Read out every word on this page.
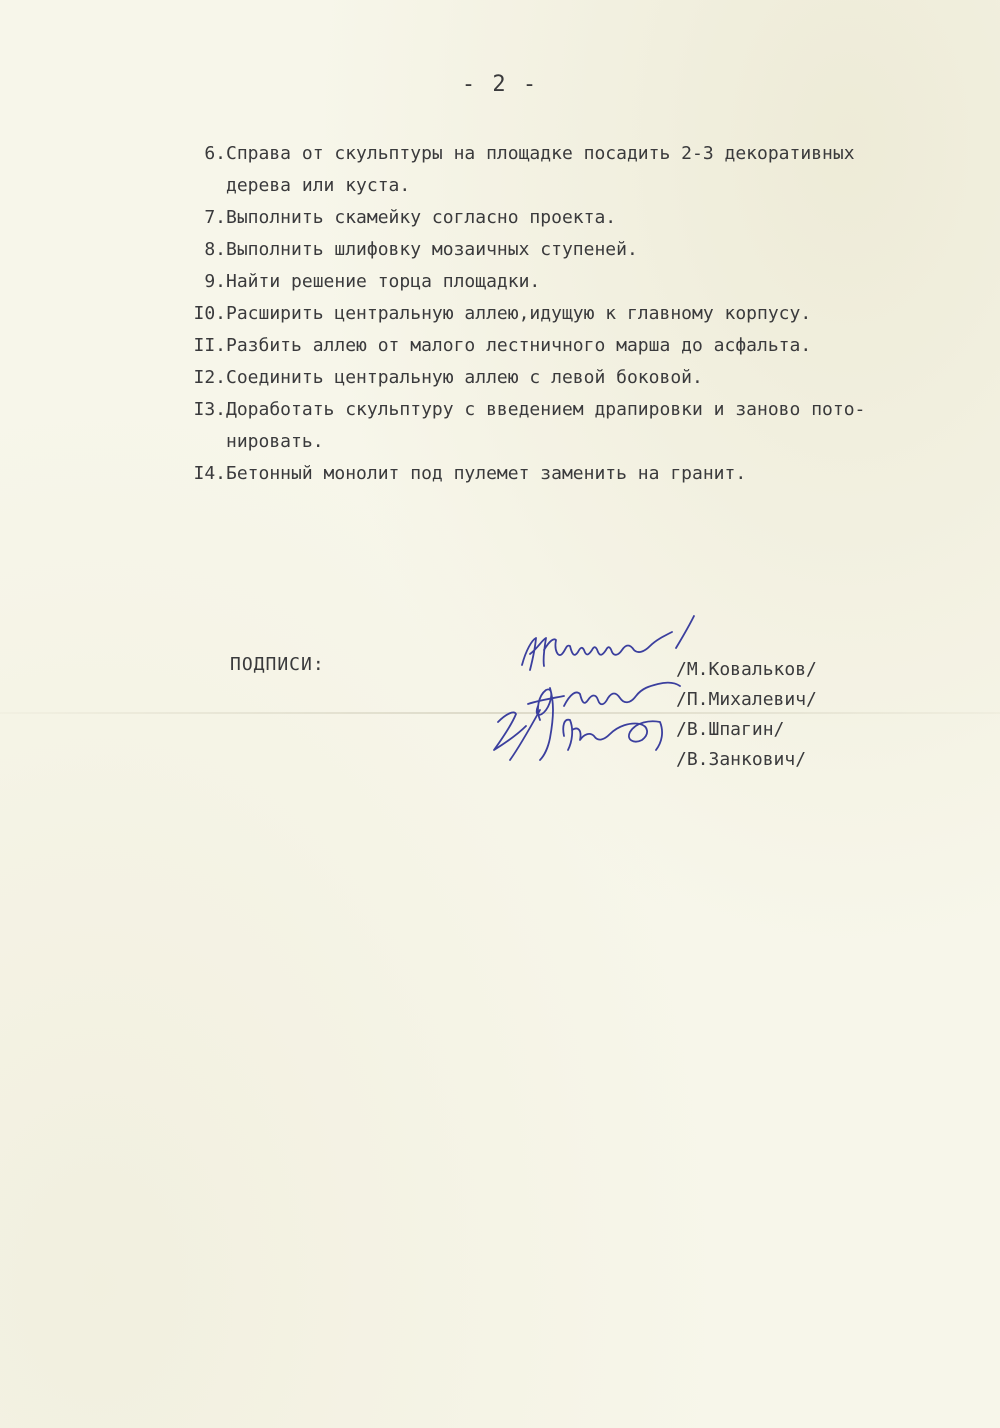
- 2 -
6. Справа от скульптуры на площадке посадить 2-3 декоративных
дерева или куста.
7. Выполнить скамейку согласно проекта.
8. Выполнить шлифовку мозаичных ступеней.
9. Найти решение торца площадки.
I0. Расширить центральную аллею,идущую к главному корпусу.
II. Разбить аллею от малого лестничного марша до асфальта.
I2. Соединить центральную аллею с левой боковой.
I3. Доработать скульптуру с введением драпировки и заново пото-
нировать.
I4. Бетонный монолит под пулемет заменить на гранит.
ПОДПИСИ:	/М.Ковальков/
/П.Михалевич/
/В.Шпагин/
/В.Занкович/
